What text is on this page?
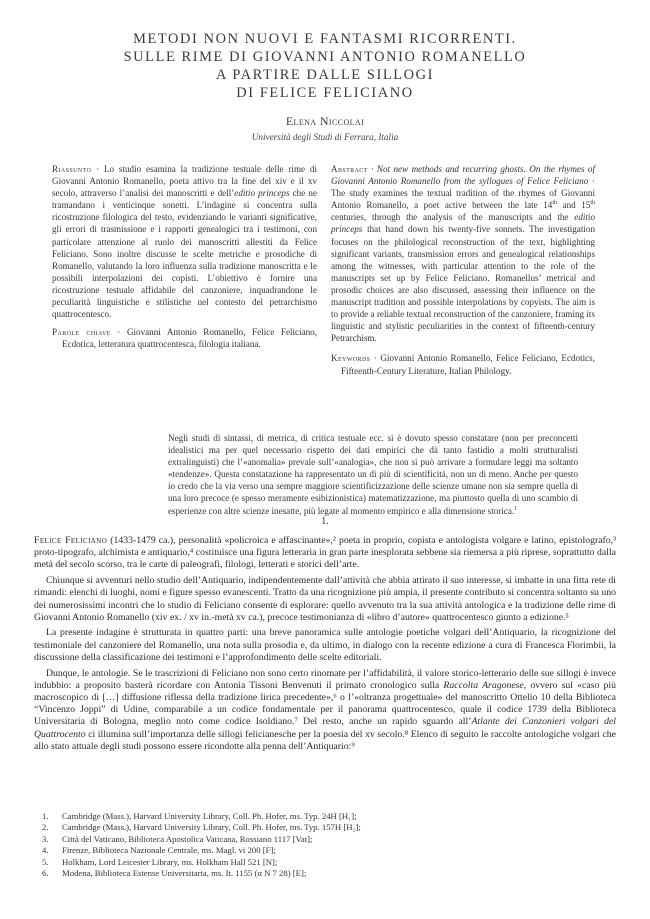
METODI NON NUOVI E FANTASMI RICORRENTI.
SULLE RIME DI GIOVANNI ANTONIO ROMANELLO
A PARTIRE DALLE SILLOGI
DI FELICE FELICIANO
Elena Niccolai
Università degli Studi di Ferrara, Italia
Riassunto · Lo studio esamina la tradizione testuale delle rime di Giovanni Antonio Romanello, poeta attivo tra la fine del xiv e il xv secolo, attraverso l’analisi dei manoscritti e dell’editio princeps che ne tramandano i venticinque sonetti. L’indagine si concentra sulla ricostruzione filologica del testo, evidenziando le varianti significative, gli errori di trasmissione e i rapporti genealogici tra i testimoni, con particolare attenzione al ruolo dei manoscritti allestiti da Felice Feliciano. Sono inoltre discusse le scelte metriche e prosodiche di Romanello, valutando la loro influenza sulla tradizione manoscritta e le possibili interpolazioni dei copisti. L’obiettivo è fornire una ricostruzione testuale affidabile del canzoniere, inquadrandone le peculiarità linguistiche e stilistiche nel contesto del petrarchismo quattrocentesco.
Parole chiave · Giovanni Antonio Romanello, Felice Feliciano, Ecdotica, letteratura quattrocentesca, filologia italiana.
Abstract · Not new methods and recurring ghosts. On the rhymes of Giovanni Antonio Romanello from the syllogues of Felice Feliciano · The study examines the textual tradition of the rhymes of Giovanni Antonio Romanello, a poet active between the late 14th and 15th centuries, through the analysis of the manuscripts and the editio princeps that hand down his twenty-five sonnets. The investigation focuses on the philological reconstruction of the text, highlighting significant variants, transmission errors and genealogical relationships among the witnesses, with particular attention to the role of the manuscripts set up by Felice Feliciano. Romanellus’ metrical and prosodic choices are also discussed, assessing their influence on the manuscript tradition and possible interpolations by copyists. The aim is to provide a reliable textual reconstruction of the canzoniere, framing its linguistic and stylistic peculiarities in the context of fifteenth-century Petrarchism.
Keywords · Giovanni Antonio Romanello, Felice Feliciano, Ecdotics, Fifteenth-Century Literature, Italian Philology.
Negli studi di sintassi, di metrica, di critica testuale ecc. si è dovuto spesso constatare (non per preconcetti idealistici ma per quel necessario rispetto dei dati empirici che dà tanto fastidio a molti strutturalisti extralinguisti) che l’«anomalia» prevale sull’«analogia», che non si può arrivare a formulare leggi ma soltanto «tendenze». Questa constatazione ha rappresentato un di più di scientificità, non un di meno. Anche per questo io credo che la via verso una sempre maggiore scientificizzazione delle scienze umane non sia sempre quella di una loro precoce (e spesso meramente esibizionistica) matematizzazione, ma piuttosto quella di uno scambio di esperienze con altre scienze inesatte, più legate al momento empirico e alla dimensione storica.$^1$
1.

Felice Feliciano (1433-1479 ca.), personalità «policroica e affascinante»,² poeta in proprio, copista e antologista volgare e latino, epistolografo,³ proto-tipografo, alchimista e antiquario,⁴ costituisce una figura letteraria in gran parte inesplorata sebbene sia riemersa a più riprese, soprattutto dalla metà del secolo scorso, tra le carte di paleografi, filologi, letterati e storici dell’arte.

Chiunque si avventuri nello studio dell’Antiquario, indipendentemente dall’attività che abbia attirato il suo interesse, si imbatte in una fitta rete di rimandi: elenchi di luoghi, nomi e figure spesso evanescenti. Tratto da una ricognizione più ampia, il presente contributo si concentra soltanto su uno dei numerosissimi incontri che lo studio di Feliciano consente di esplorare: quello avvenuto tra la sua attività antologica e la tradizione delle rime di Giovanni Antonio Romanello (xiv ex. / xv in.-metà xv ca.), precoce testimonianza di «libro d’autore» quattrocentesco giunto a edizione.⁵

La presente indagine è strutturata in quattro parti: una breve panoramica sulle antologie poetiche volgari dell’Antiquario, la ricognizione del testimoniale del canzoniere del Romanello, una nota sulla prosodia e, da ultimo, in dialogo con la recente edizione a cura di Francesca Florimbii, la discussione della classificazione dei testimoni e l’approfondimento delle scelte editoriali.

Dunque, le antologie. Se le trascrizioni di Feliciano non sono certo rinomate per l’affidabilità, il valore storico-letterario delle sue sillogi è invece indubbio: a proposito basterà ricordare con Antonia Tissoni Benvenuti il primato cronologico sulla Raccolta Aragonese, ovvero sul «caso più macroscopico di […] diffusione riflessa della tradizione lirica precedente»,⁶ o l’«oltranza progettuale» del manoscritto Ottelio 10 della Biblioteca “Vincenzo Joppi” di Udine, comparabile a un codice fondamentale per il panorama quattrocentesco, quale il codice 1739 della Biblioteca Universitaria di Bologna, meglio noto come codice Isoldiano.⁷ Del resto, anche un rapido sguardo all’Atlante dei Canzonieri volgari del Quattrocento ci illumina sull’importanza delle sillogi felicianesche per la poesia del xv secolo.⁸ Elenco di seguito le raccolte antologiche volgari che allo stato attuale degli studi possono essere ricondotte alla penna dell’Antiquario:⁹

1. Cambridge (Mass.), Harvard University Library, Coll. Ph. Hofer, ms. Typ. 24H [H₁];
2. Cambridge (Mass.), Harvard University Library, Coll. Ph. Hofer, ms. Typ. 157H [H₂];
3. Città del Vaticano, Biblioteca Apostolica Vaticana, Rossiano 1117 [Vat];
4. Firenze, Biblioteca Nazionale Centrale, ms. Magl. vi 200 [F];
5. Holkham, Lord Leicester Library, ms. Holkham Hall 521 [N];
6. Modena, Biblioteca Estense Universitaria, ms. It. 1155 (α N 7 28) [E];
